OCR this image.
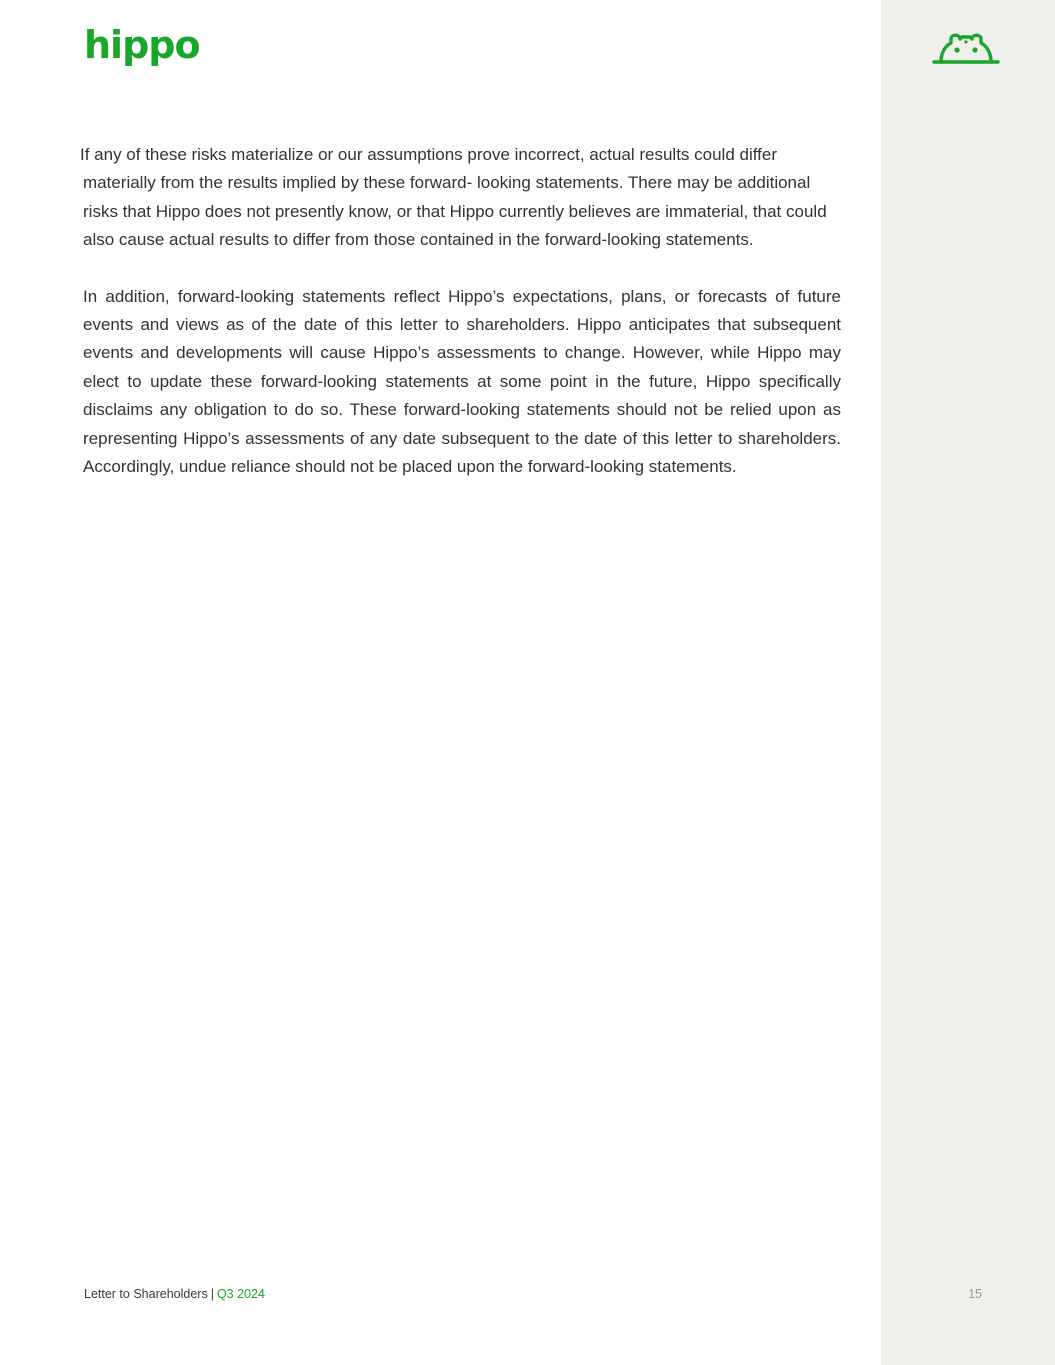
hippo

If any of these risks materialize or our assumptions prove incorrect, actual results could differ materially from the results implied by these forward- looking statements. There may be additional risks that Hippo does not presently know, or that Hippo currently believes are immaterial, that could also cause actual results to differ from those contained in the forward-looking statements.

In addition, forward-looking statements reflect Hippo’s expectations, plans, or forecasts of future events and views as of the date of this letter to shareholders. Hippo anticipates that subsequent events and developments will cause Hippo’s assessments to change. However, while Hippo may elect to update these forward-looking statements at some point in the future, Hippo specifically disclaims any obligation to do so. These forward-looking statements should not be relied upon as representing Hippo’s assessments of any date subsequent to the date of this letter to shareholders. Accordingly, undue reliance should not be placed upon the forward-looking statements.

Letter to Shareholders | Q3 2024	15
